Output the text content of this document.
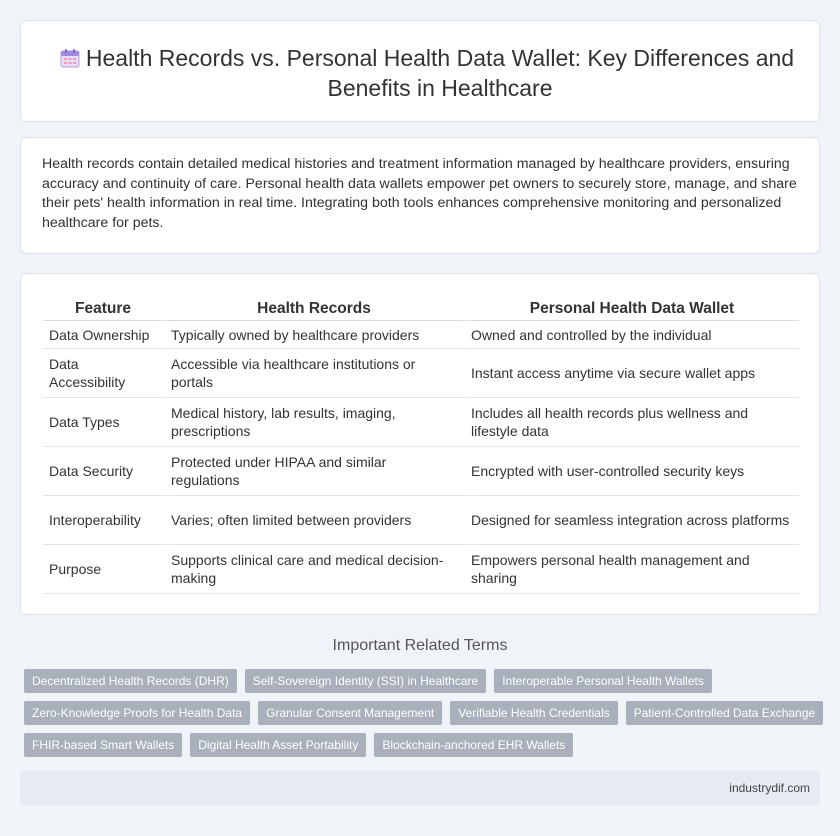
Health Records vs. Personal Health Data Wallet: Key Differences and Benefits in Healthcare

Health records contain detailed medical histories and treatment information managed by healthcare providers, ensuring accuracy and continuity of care. Personal health data wallets empower pet owners to securely store, manage, and share their pets' health information in real time. Integrating both tools enhances comprehensive monitoring and personalized healthcare for pets.

Feature	Health Records	Personal Health Data Wallet
Data Ownership	Typically owned by healthcare providers	Owned and controlled by the individual
Data Accessibility	Accessible via healthcare institutions or portals	Instant access anytime via secure wallet apps
Data Types	Medical history, lab results, imaging, prescriptions	Includes all health records plus wellness and lifestyle data
Data Security	Protected under HIPAA and similar regulations	Encrypted with user-controlled security keys
Interoperability	Varies; often limited between providers	Designed for seamless integration across platforms
Purpose	Supports clinical care and medical decision-making	Empowers personal health management and sharing
Important Related Terms
Decentralized Health Records (DHR)	Self-Sovereign Identity (SSI) in Healthcare	Interoperable Personal Health Wallets
Zero-Knowledge Proofs for Health Data	Granular Consent Management	Verifiable Health Credentials	Patient-Controlled Data Exchange
FHIR-based Smart Wallets	Digital Health Asset Portability	Blockchain-anchored EHR Wallets
industrydif.com
